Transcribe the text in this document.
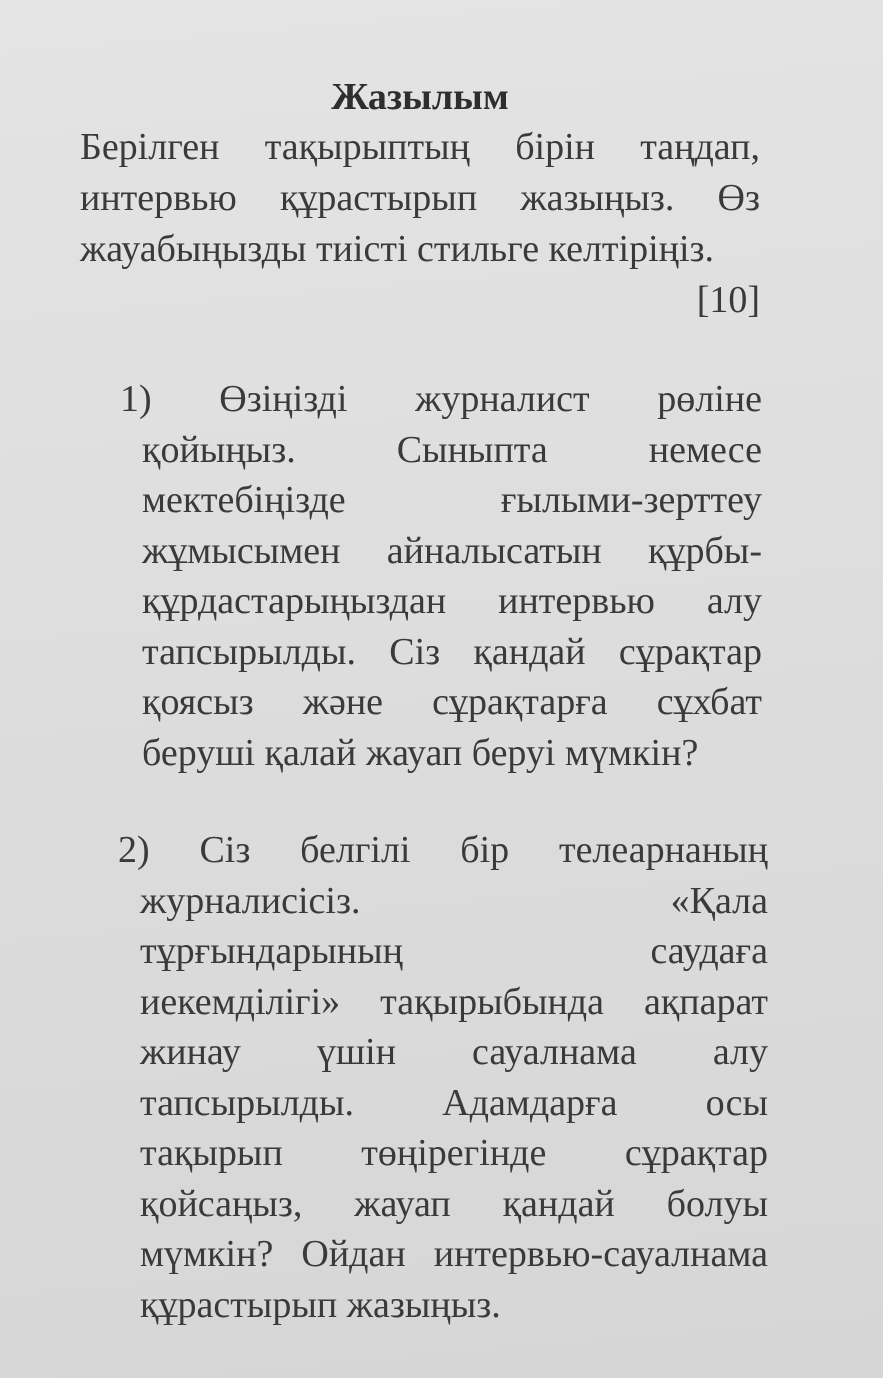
Жазылым
Берілген тақырыптың бірін таңдап,
интервью құрастырып жазыңыз. Өз
жауабыңызды тиісті стильге келтіріңіз.
[10]
1) Өзіңізді журналист рөліне
қойыңыз. Сыныпта немесе
мектебіңізде ғылыми-зерттеу
жұмысымен айналысатын құрбы-
құрдастарыңыздан интервью алу
тапсырылды. Сіз қандай сұрақтар
қоясыз және сұрақтарға сұхбат
беруші қалай жауап беруі мүмкін?
2) Сіз белгілі бір телеарнаның
журналисісіз. «Қала
тұрғындарының саудаға
иекемділігі» тақырыбында ақпарат
жинау үшін сауалнама алу
тапсырылды. Адамдарға осы
тақырып төңірегінде сұрақтар
қойсаңыз, жауап қандай болуы
мүмкін? Ойдан интервью-сауалнама
құрастырып жазыңыз.
